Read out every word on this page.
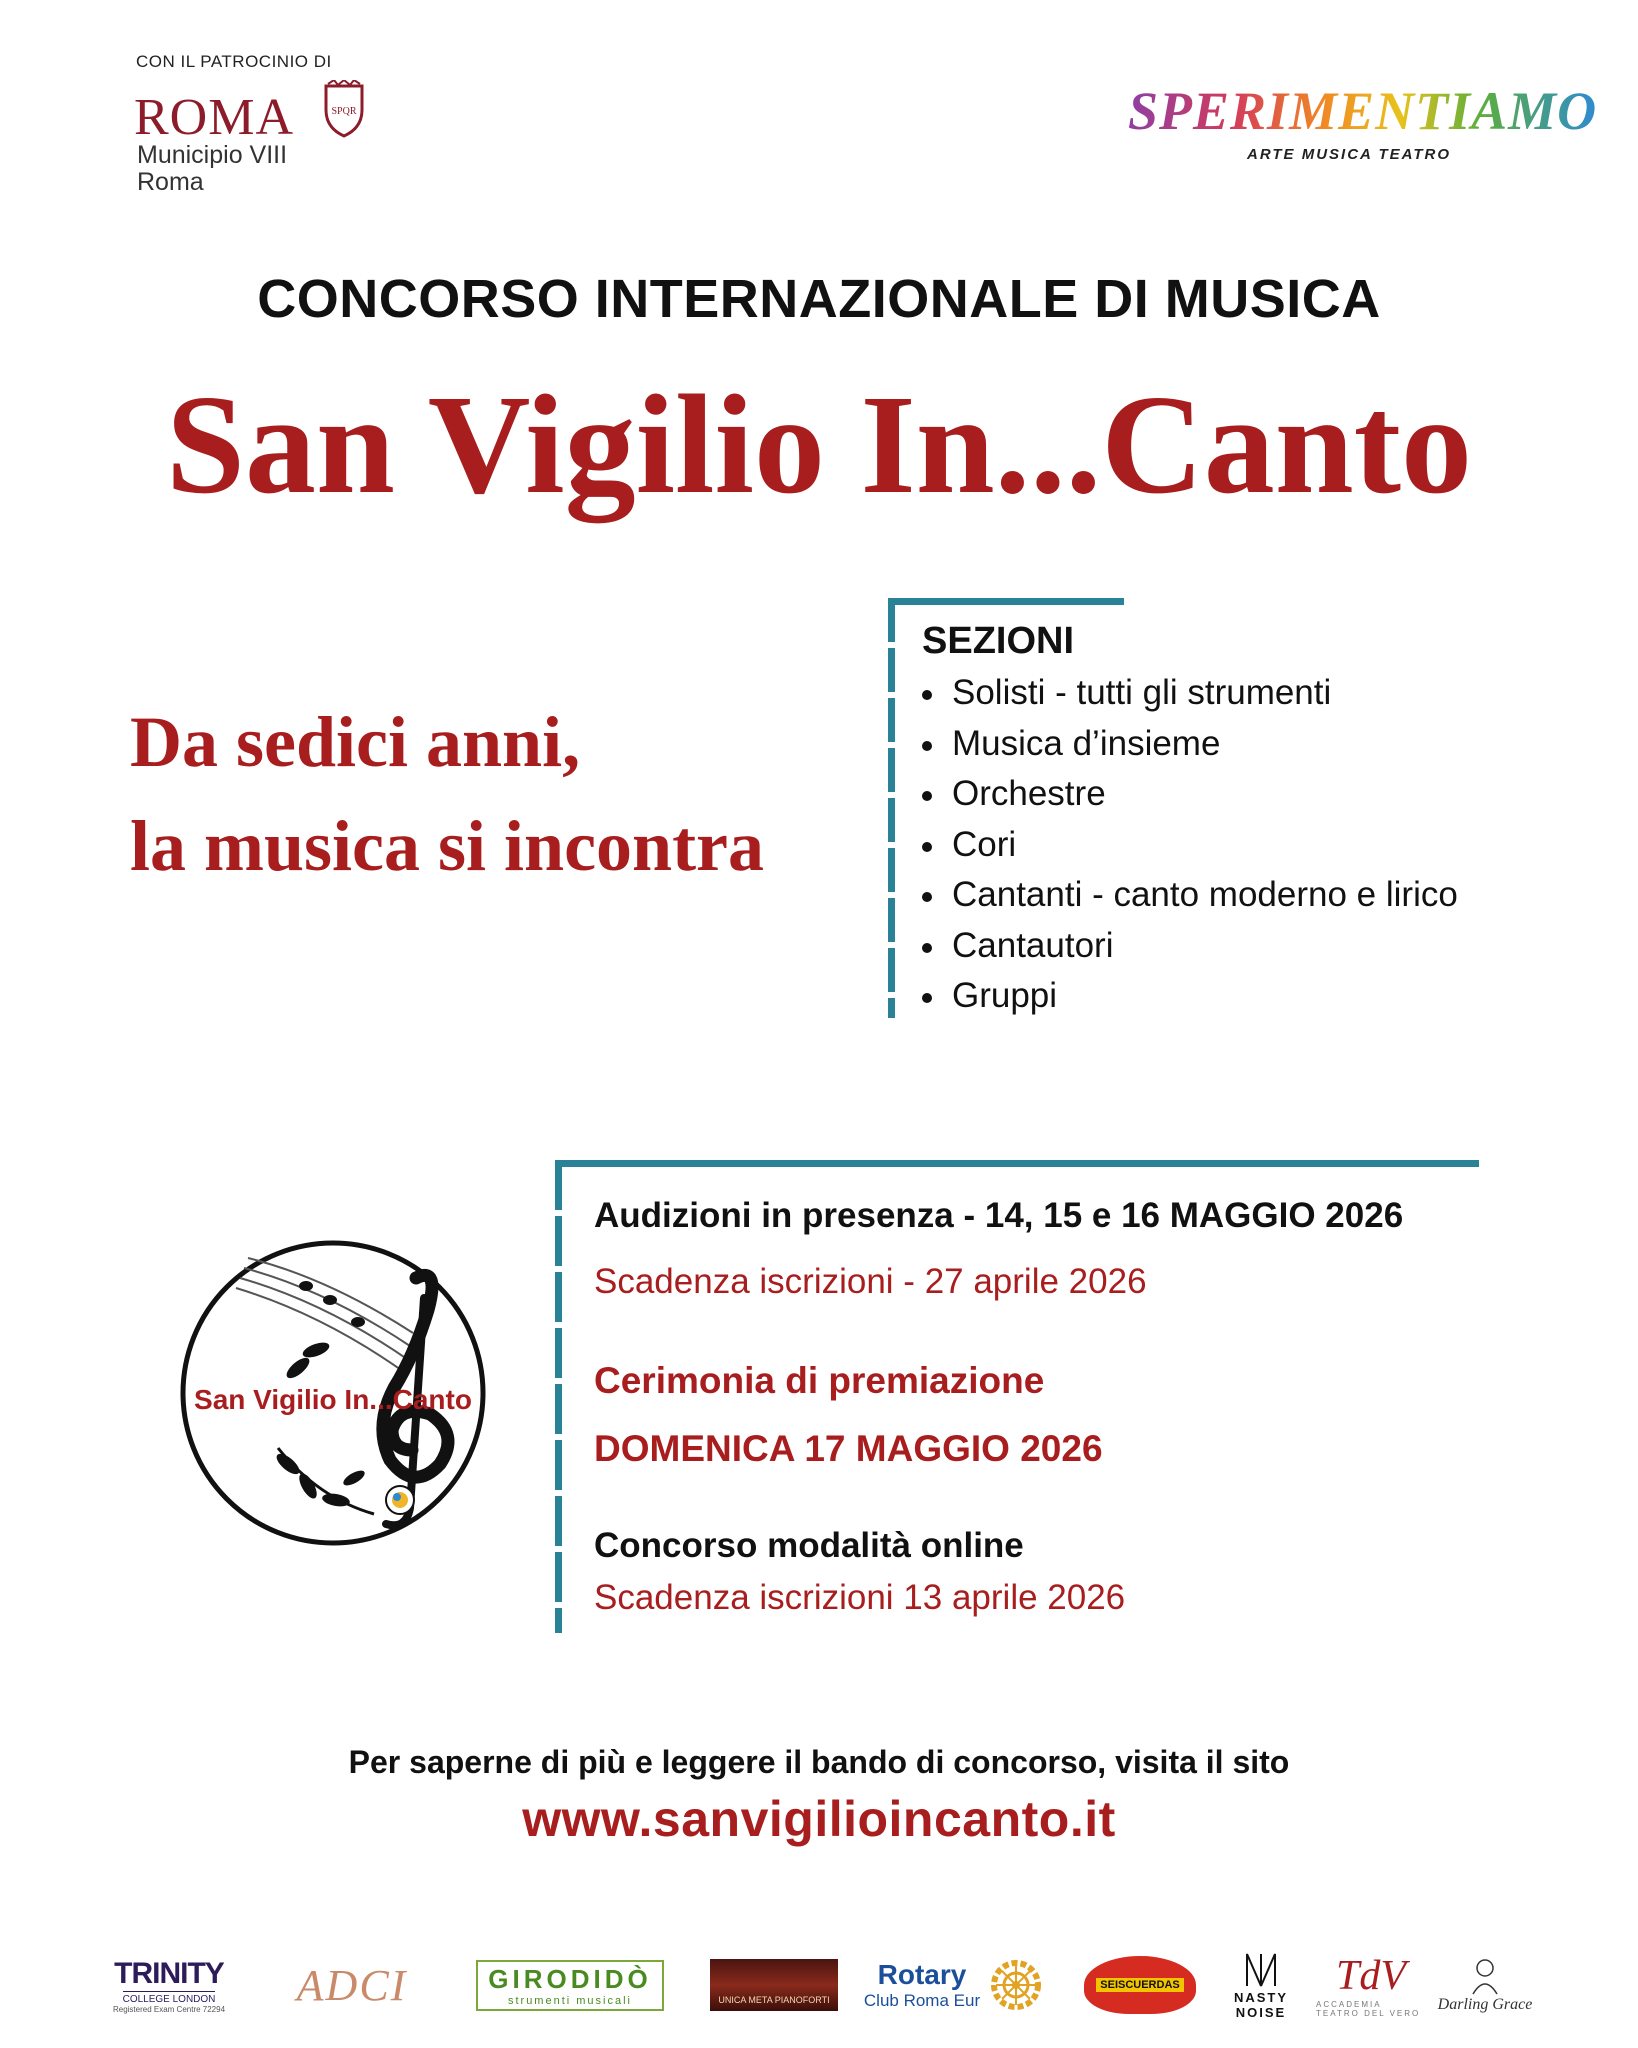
CON IL PATROCINIO DI
ROMA	SPQR
Municipio VIII
Roma
SPERIMENTIAMO
ARTE MUSICA TEATRO
CONCORSO INTERNAZIONALE DI MUSICA
San Vigilio In...Canto
Da sedici anni,
la musica si incontra
SEZIONI
Solisti - tutti gli strumenti
Musica d’insieme
Orchestre
Cori
Cantanti - canto moderno e lirico
Cantautori
Gruppi
San Vigilio In...Canto
Audizioni in presenza - 14, 15 e 16 MAGGIO 2026
Scadenza iscrizioni - 27 aprile 2026
Cerimonia di premiazione
DOMENICA 17 MAGGIO 2026
Concorso modalità online
Scadenza iscrizioni 13 aprile 2026
Per saperne di più e leggere il bando di concorso, visita il sito
www.sanvigilioincanto.it
TRINITY
COLLEGE LONDON
Registered Exam Centre 72294 ADCI	GIRODIDÒ
strumenti musicali	UNICA META PIANOFORTI
Rotary
Club Roma Eur
SEISCUERDAS
NASTY
NOISE
TdV
ACCADEMIA TEATRO DEL VERO
Darling Grace
